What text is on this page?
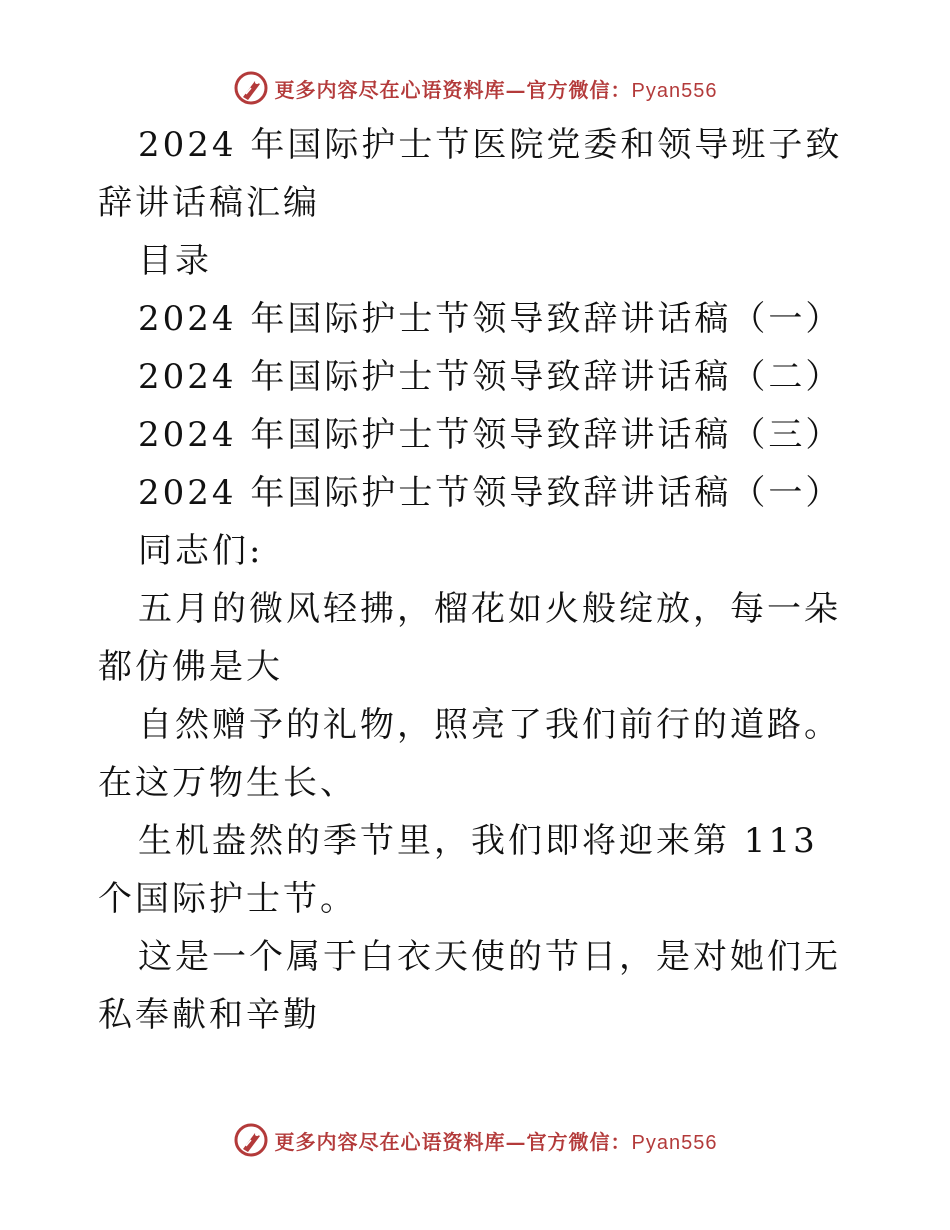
更多内容尽在心语资料库—官方微信：Pyan556

2024 年国际护士节医院党委和领导班子致辞讲话稿汇编

目录

2024 年国际护士节领导致辞讲话稿（一）

2024 年国际护士节领导致辞讲话稿（二）

2024 年国际护士节领导致辞讲话稿（三）

2024 年国际护士节领导致辞讲话稿（一）

同志们:

五月的微风轻拂，榴花如火般绽放，每一朵都仿佛是大

自然赠予的礼物，照亮了我们前行的道路。在这万物生长、

生机盎然的季节里，我们即将迎来第 113 个国际护士节。

这是一个属于白衣天使的节日，是对她们无私奉献和辛勤

更多内容尽在心语资料库—官方微信：Pyan556
